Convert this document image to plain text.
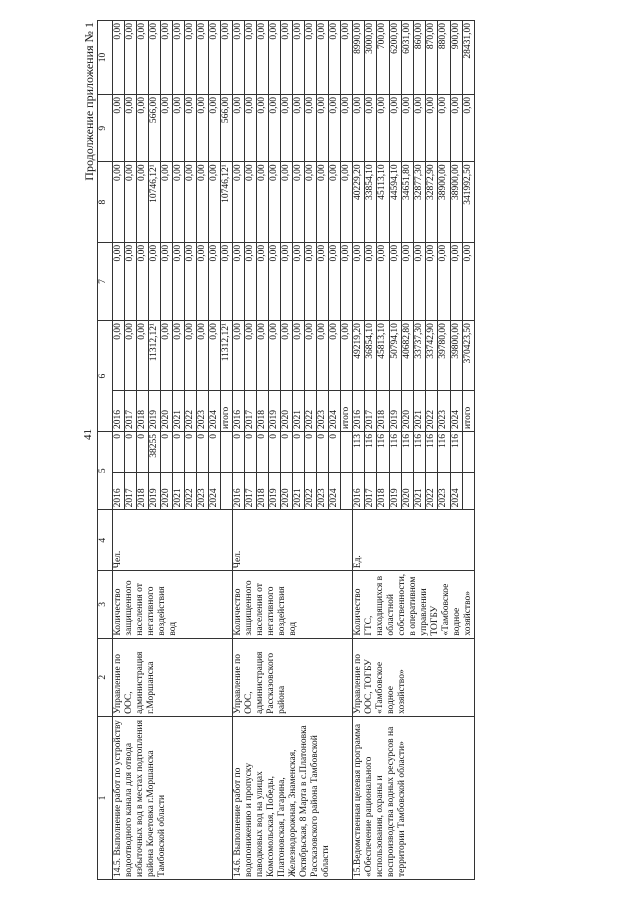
41
Продолжение приложения № 1
1	2	3	4	5		6		7	8	9	10
14.5. Выполнение работ по устройству водоотводного канала для отвода избыточных вод в местах подтопления района Кочетовка г.Моршанска Тамбовской области	Управление по ООС, администрация г.Моршанска	Количество защищенного населения от негативного воздействия вод	Чел.	2016	0	2016	0,00	0,00	0,00	0,00	0,00
				2017	0	2017	0,00	0,00	0,00	0,00	0,00
				2018	0	2018	0,00	0,00	0,00	0,00	0,00
				2019	38255	2019	11312,12¹	0,00	10746,12¹	566,00	0,00
				2020	0	2020	0,00	0,00	0,00	0,00	0,00
				2021	0	2021	0,00	0,00	0,00	0,00	0,00
				2022	0	2022	0,00	0,00	0,00	0,00	0,00
				2023	0	2023	0,00	0,00	0,00	0,00	0,00
				2024	0	2024	0,00	0,00	0,00	0,00	0,00
						итого	11312,12¹	0,00	10746,12¹	566,00	0,00
14.6. Выполнение работ по водопонижению и пропуску паводковых вод на улицах Комсомольская, Победы, Платоновская, Гагарина, Железнодорожная, Знаменская, Октябрьская, 8 Марта в с.Платоновка Рассказовского района Тамбовской области	Управление по ООС, администрация Рассказовского района	Количество защищенного населения от негативного воздействия вод	Чел.	2016	0	2016	0,00	0,00	0,00	0,00	0,00
				2017	0	2017	0,00	0,00	0,00	0,00	0,00
				2018	0	2018	0,00	0,00	0,00	0,00	0,00
				2019	0	2019	0,00	0,00	0,00	0,00	0,00
				2020	0	2020	0,00	0,00	0,00	0,00	0,00
				2021	0	2021	0,00	0,00	0,00	0,00	0,00
				2022	0	2022	0,00	0,00	0,00	0,00	0,00
				2023	0	2023	0,00	0,00	0,00	0,00	0,00
				2024	0	2024	0,00	0,00	0,00	0,00	0,00
						итого	0,00	0,00	0,00	0,00	0,00
15.Ведомственная целевая программа «Обеспечение рационального использования, охраны и воспроизводства водных ресурсов на территории Тамбовской области»	Управление по ООС, ТОГБУ «Тамбовское водное хозяйство»	Количество ГТС, находящихся в областной собственности, в оперативном управлении ТОГБУ «Тамбовское водное хозяйство»	Ед.	2016	113	2016	49219,20	0,00	40229,20	0,00	8990,00
				2017	116	2017	36854,10	0,00	33854,10	0,00	3000,00
				2018	116	2018	45813,10	0,00	45113,10	0,00	700,00
				2019	116	2019	50794,10	0,00	44594,10	0,00	6200,00
				2020	116	2020	40682,80	0,00	34651,80	0,00	6031,00
				2021	116	2021	33737,30	0,00	32877,30	0,00	860,00
				2022	116	2022	33742,90	0,00	32872,90	0,00	870,00
				2023	116	2023	39780,00	0,00	38900,00	0,00	880,00
				2024	116	2024	39800,00	0,00	38900,00	0,00	900,00
						итого	370423,50	0,00	341992,50	0,00	28431,00
